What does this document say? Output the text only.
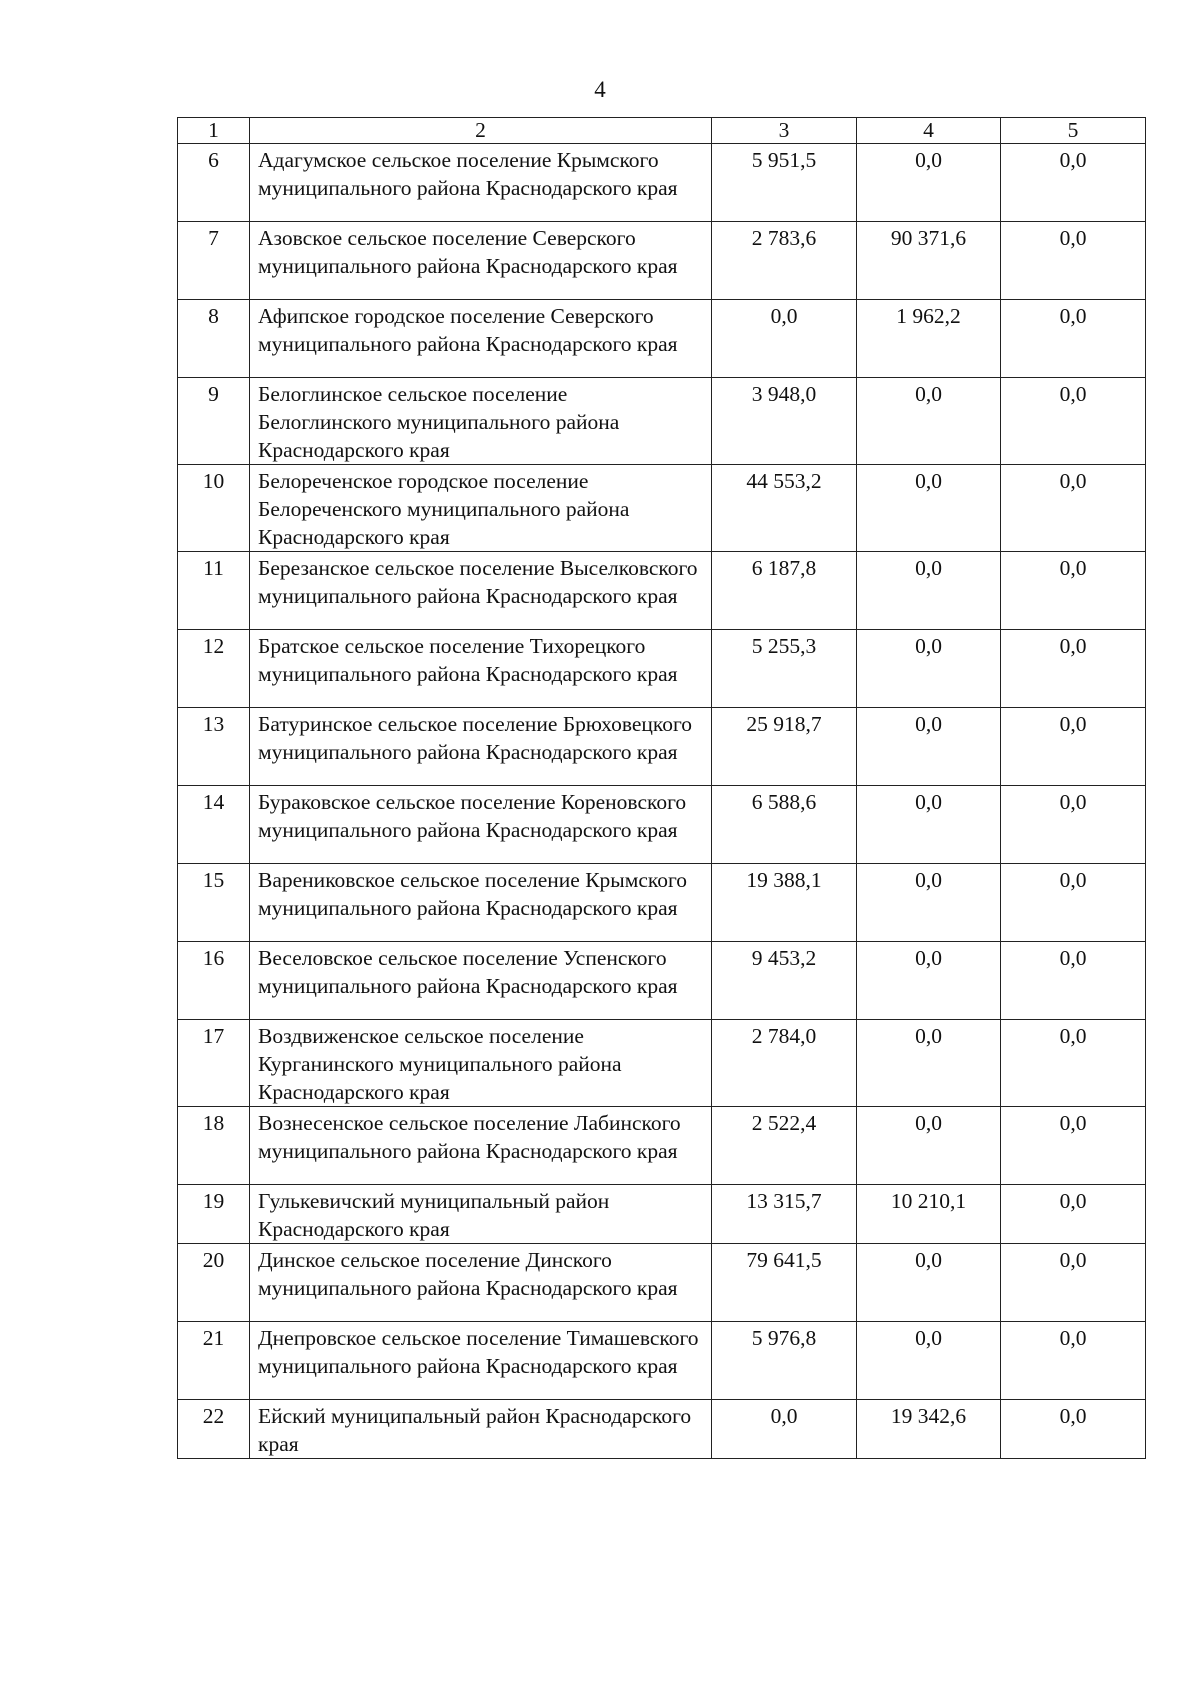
4
1	2	3	4	5
6	Адагумское сельское поселение Крымского муниципального района Краснодарского края	5 951,5	0,0	0,0
7	Азовское сельское поселение Северского муниципального района Краснодарского края	2 783,6	90 371,6	0,0
8	Афипское городское поселение Северского муниципального района Краснодарского края	0,0	1 962,2	0,0
9	Белоглинское сельское поселение Белоглинского муниципального района Краснодарского края	3 948,0	0,0	0,0
10	Белореченское городское поселение Белореченского муниципального района Краснодарского края	44 553,2	0,0	0,0
11	Березанское сельское поселение Выселковского муниципального района Краснодарского края	6 187,8	0,0	0,0
12	Братское сельское поселение Тихорецкого муниципального района Краснодарского края	5 255,3	0,0	0,0
13	Батуринское сельское поселение Брюховецкого муниципального района Краснодарского края	25 918,7	0,0	0,0
14	Бураковское сельское поселение Кореновского муниципального района Краснодарского края	6 588,6	0,0	0,0
15	Варениковское сельское поселение Крымского муниципального района Краснодарского края	19 388,1	0,0	0,0
16	Веселовское сельское поселение Успенского муниципального района Краснодарского края	9 453,2	0,0	0,0
17	Воздвиженское сельское поселение Курганинского муниципального района Краснодарского края	2 784,0	0,0	0,0
18	Вознесенское сельское поселение Лабинского муниципального района Краснодарского края	2 522,4	0,0	0,0
19	Гулькевичский муниципальный район Краснодарского края	13 315,7	10 210,1	0,0
20	Динское сельское поселение Динского муниципального района Краснодарского края	79 641,5	0,0	0,0
21	Днепровское сельское поселение Тимашевского муниципального района Краснодарского края	5 976,8	0,0	0,0
22	Ейский муниципальный район Краснодарского края	0,0	19 342,6	0,0
